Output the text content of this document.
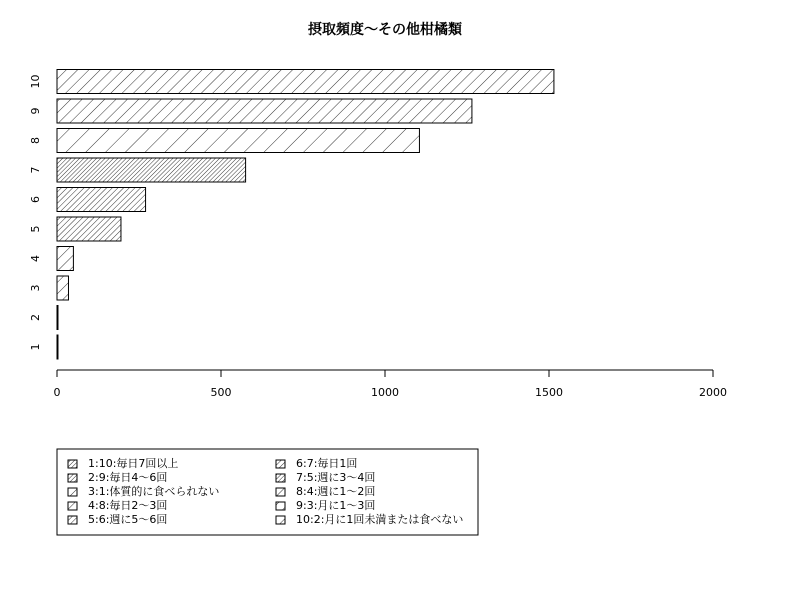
摂取頻度〜その他柑橘類
1
2
3
4
5
6
7
8
9
10
0	500	1000	1500	2000
1:10:毎日7回以上
2:9:毎日4〜6回
3:1:体質的に食べられない
4:8:毎日2〜3回
5:6:週に5〜6回
6:7:毎日1回
7:5:週に3〜4回
8:4:週に1〜2回
9:3:月に1〜3回
10:2:月に1回未満または食べない
